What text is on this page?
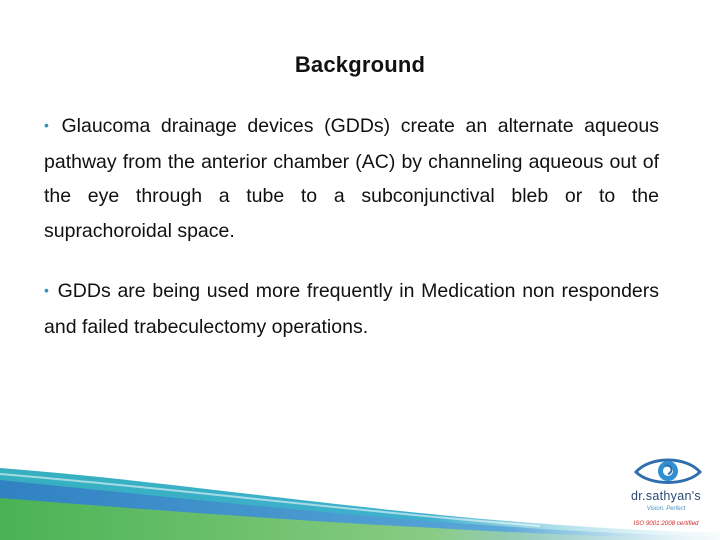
Background
• Glaucoma drainage devices (GDDs) create an alternate aqueous pathway from the anterior chamber (AC) by channeling aqueous out of the eye through a tube to a subconjunctival bleb or to the suprachoroidal space.
• GDDs are being used more frequently in Medication non responders and failed trabeculectomy operations.
dr.sathyan's
Vision. Perfect
ISO 9001:2008 certified
